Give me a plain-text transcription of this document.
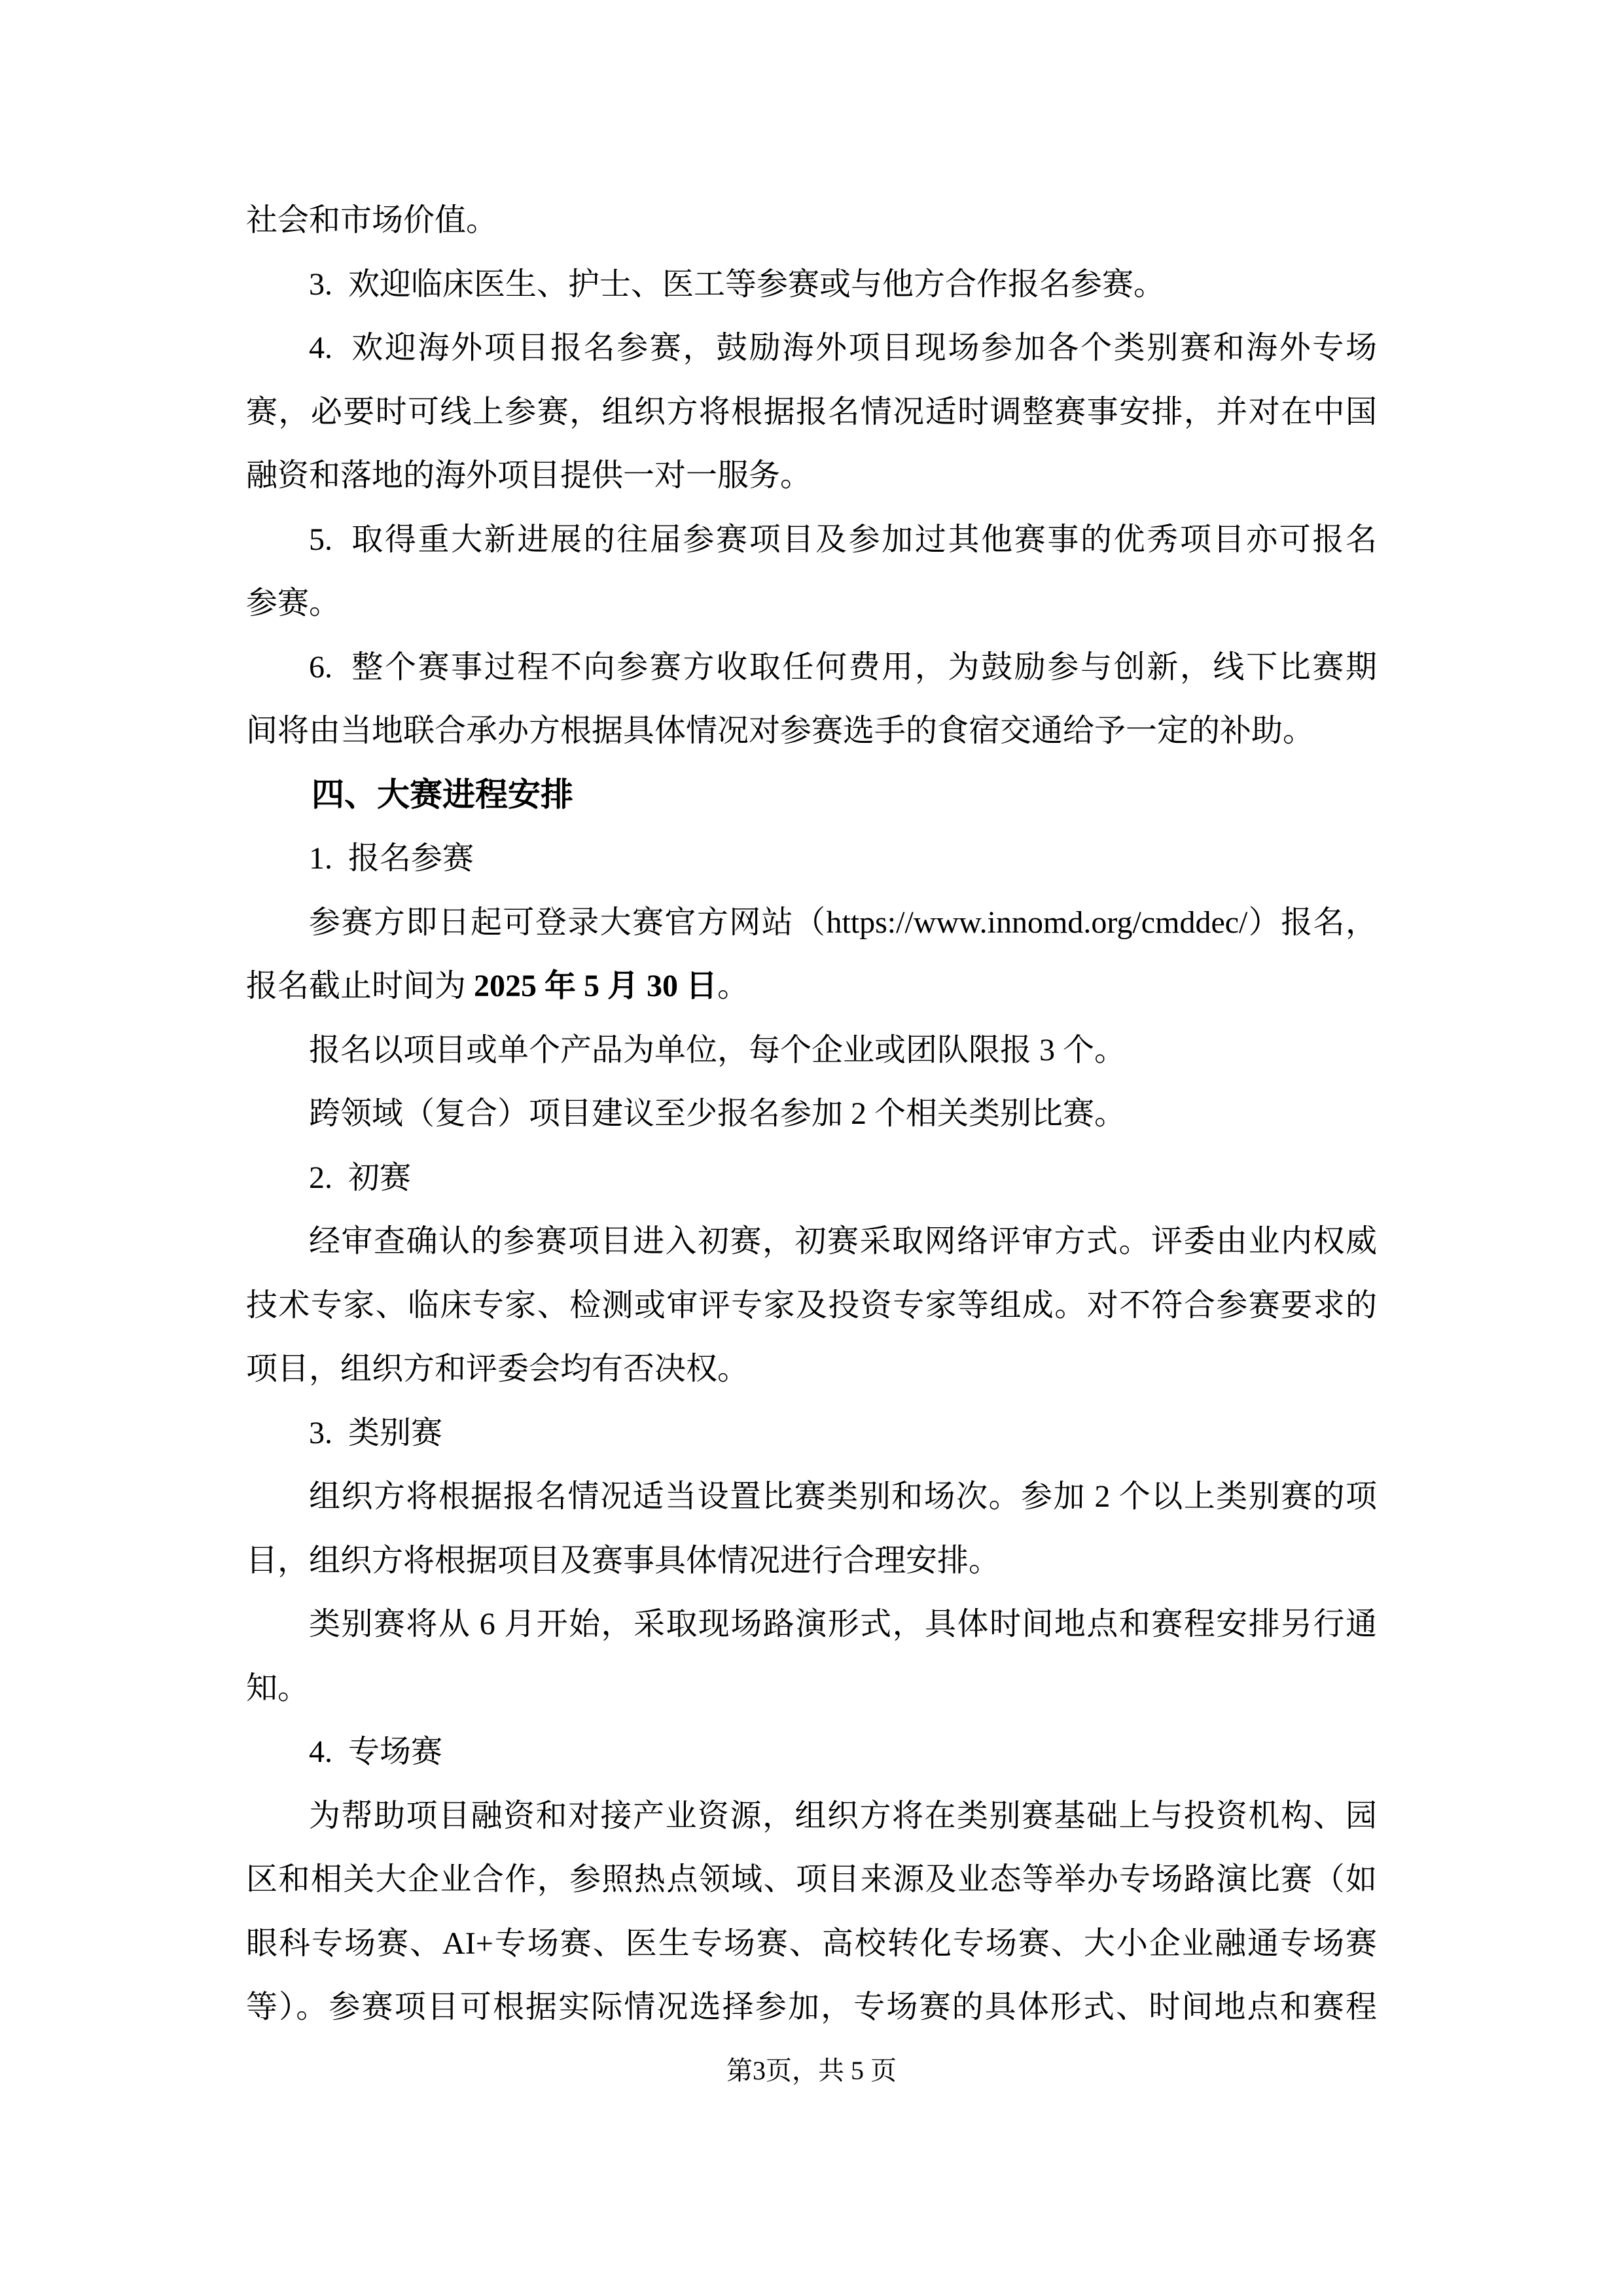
社会和市场价值。
3.  欢迎临床医生、护士、医工等参赛或与他方合作报名参赛。
4.  欢迎海外项目报名参赛，鼓励海外项目现场参加各个类别赛和海外专场
赛，必要时可线上参赛，组织方将根据报名情况适时调整赛事安排，并对在中国
融资和落地的海外项目提供一对一服务。
5.  取得重大新进展的往届参赛项目及参加过其他赛事的优秀项目亦可报名
参赛。
6.  整个赛事过程不向参赛方收取任何费用，为鼓励参与创新，线下比赛期
间将由当地联合承办方根据具体情况对参赛选手的食宿交通给予一定的补助。
四、大赛进程安排
1.  报名参赛
参赛方即日起可登录大赛官方网站（https://www.innomd.org/cmddec/）报名，
报名截止时间为 2025 年 5 月 30 日。
报名以项目或单个产品为单位，每个企业或团队限报 3 个。
跨领域（复合）项目建议至少报名参加 2 个相关类别比赛。
2.  初赛
经审查确认的参赛项目进入初赛，初赛采取网络评审方式。评委由业内权威
技术专家、临床专家、检测或审评专家及投资专家等组成。对不符合参赛要求的
项目，组织方和评委会均有否决权。
3.  类别赛
组织方将根据报名情况适当设置比赛类别和场次。参加 2 个以上类别赛的项
目，组织方将根据项目及赛事具体情况进行合理安排。
类别赛将从 6 月开始，采取现场路演形式，具体时间地点和赛程安排另行通
知。
4.  专场赛
为帮助项目融资和对接产业资源，组织方将在类别赛基础上与投资机构、园
区和相关大企业合作，参照热点领域、项目来源及业态等举办专场路演比赛（如
眼科专场赛、AI+专场赛、医生专场赛、高校转化专场赛、大小企业融通专场赛
等）。参赛项目可根据实际情况选择参加，专场赛的具体形式、时间地点和赛程
第3页，共 5 页
